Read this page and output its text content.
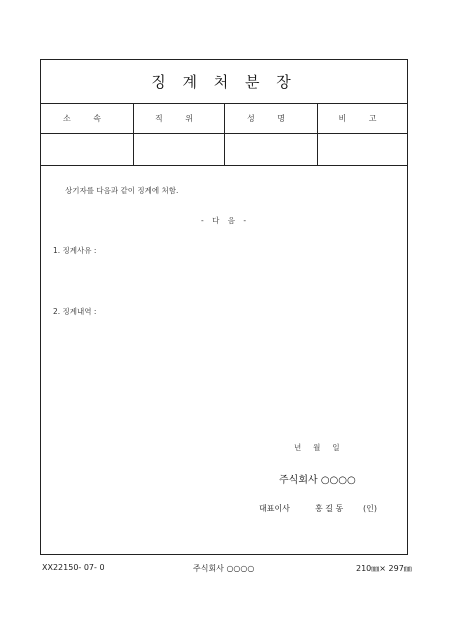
징 계 처 분 장
소 속	직 위	성 명	비 고
상기자를 다음과 같이 징계에 처함.
- 다 음 -
1. 징계사유 :
2. 징계내역 :
년     월     일
주식회사 ○○○○
대표이사	홍 길 동 (인)
XX22150- 07- 0	주식회사 ○○○○	210㎜× 297㎜
